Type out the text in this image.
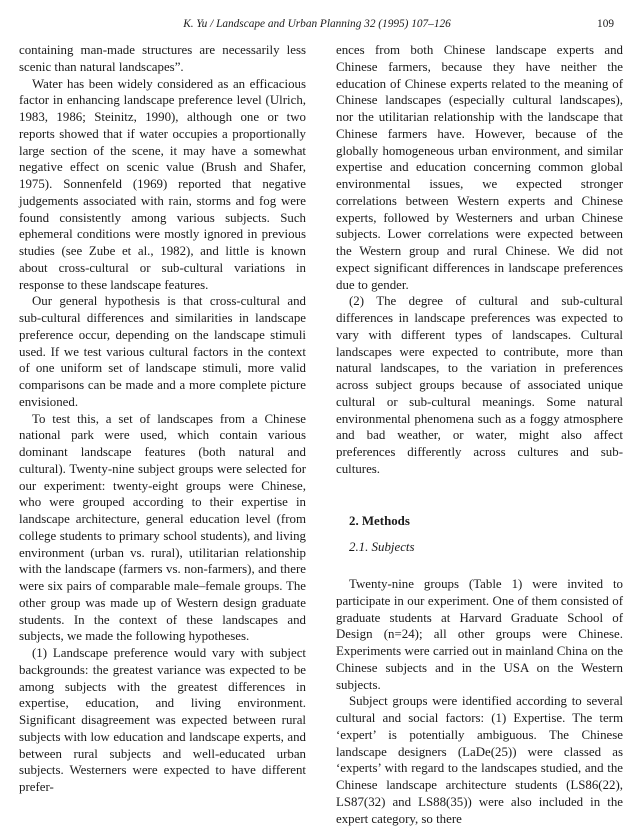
K. Yu / Landscape and Urban Planning 32 (1995) 107–126	109

containing man-made structures are necessarily less scenic than natural landscapes”.

Water has been widely considered as an efficacious factor in enhancing landscape preference level (Ulrich, 1983, 1986; Steinitz, 1990), although one or two reports showed that if water occupies a proportionally large section of the scene, it may have a somewhat negative effect on scenic value (Brush and Shafer, 1975). Sonnenfeld (1969) reported that negative judgements associated with rain, storms and fog were found consistently among various subjects. Such ephemeral conditions were mostly ignored in previous studies (see Zube et al., 1982), and little is known about cross-cultural or sub-cultural variations in response to these landscape features.

Our general hypothesis is that cross-cultural and sub-cultural differences and similarities in landscape preference occur, depending on the landscape stimuli used. If we test various cultural factors in the context of one uniform set of landscape stimuli, more valid comparisons can be made and a more complete picture envisioned.

To test this, a set of landscapes from a Chinese national park were used, which contain various dominant landscape features (both natural and cultural). Twenty-nine subject groups were selected for our experiment: twenty-eight groups were Chinese, who were grouped according to their expertise in landscape architecture, general education level (from college students to primary school students), and living environment (urban vs. rural), utilitarian relationship with the landscape (farmers vs. non-farmers), and there were six pairs of comparable male–female groups. The other group was made up of Western design graduate students. In the context of these landscapes and subjects, we made the following hypotheses.

(1) Landscape preference would vary with subject backgrounds: the greatest variance was expected to be among subjects with the greatest differences in expertise, education, and living environment. Significant disagreement was expected between rural subjects with low education and landscape experts, and between rural subjects and well-educated urban subjects. Westerners were expected to have different prefer-

ences from both Chinese landscape experts and Chinese farmers, because they have neither the education of Chinese experts related to the meaning of Chinese landscapes (especially cultural landscapes), nor the utilitarian relationship with the landscape that Chinese farmers have. However, because of the globally homogeneous urban environment, and similar expertise and education concerning common global environmental issues, we expected stronger correlations between Western experts and Chinese experts, followed by Westerners and urban Chinese subjects. Lower correlations were expected between the Western group and rural Chinese. We did not expect significant differences in landscape preferences due to gender.

(2) The degree of cultural and sub-cultural differences in landscape preferences was expected to vary with different types of landscapes. Cultural landscapes were expected to contribute, more than natural landscapes, to the variation in preferences across subject groups because of associated unique cultural or sub-cultural meanings. Some natural environmental phenomena such as a foggy atmosphere and bad weather, or water, might also affect preferences differently across cultures and sub-cultures.

2. Methods

2.1. Subjects

Twenty-nine groups (Table 1) were invited to participate in our experiment. One of them consisted of graduate students at Harvard Graduate School of Design (n=24); all other groups were Chinese. Experiments were carried out in mainland China on the Chinese subjects and in the USA on the Western subjects.

Subject groups were identified according to several cultural and social factors: (1) Expertise. The term ‘expert’ is potentially ambiguous. The Chinese landscape designers (LaDe(25)) were classed as ‘experts’ with regard to the landscapes studied, and the Chinese landscape architecture students (LS86(22), LS87(32) and LS88(35)) were also included in the expert category, so there
